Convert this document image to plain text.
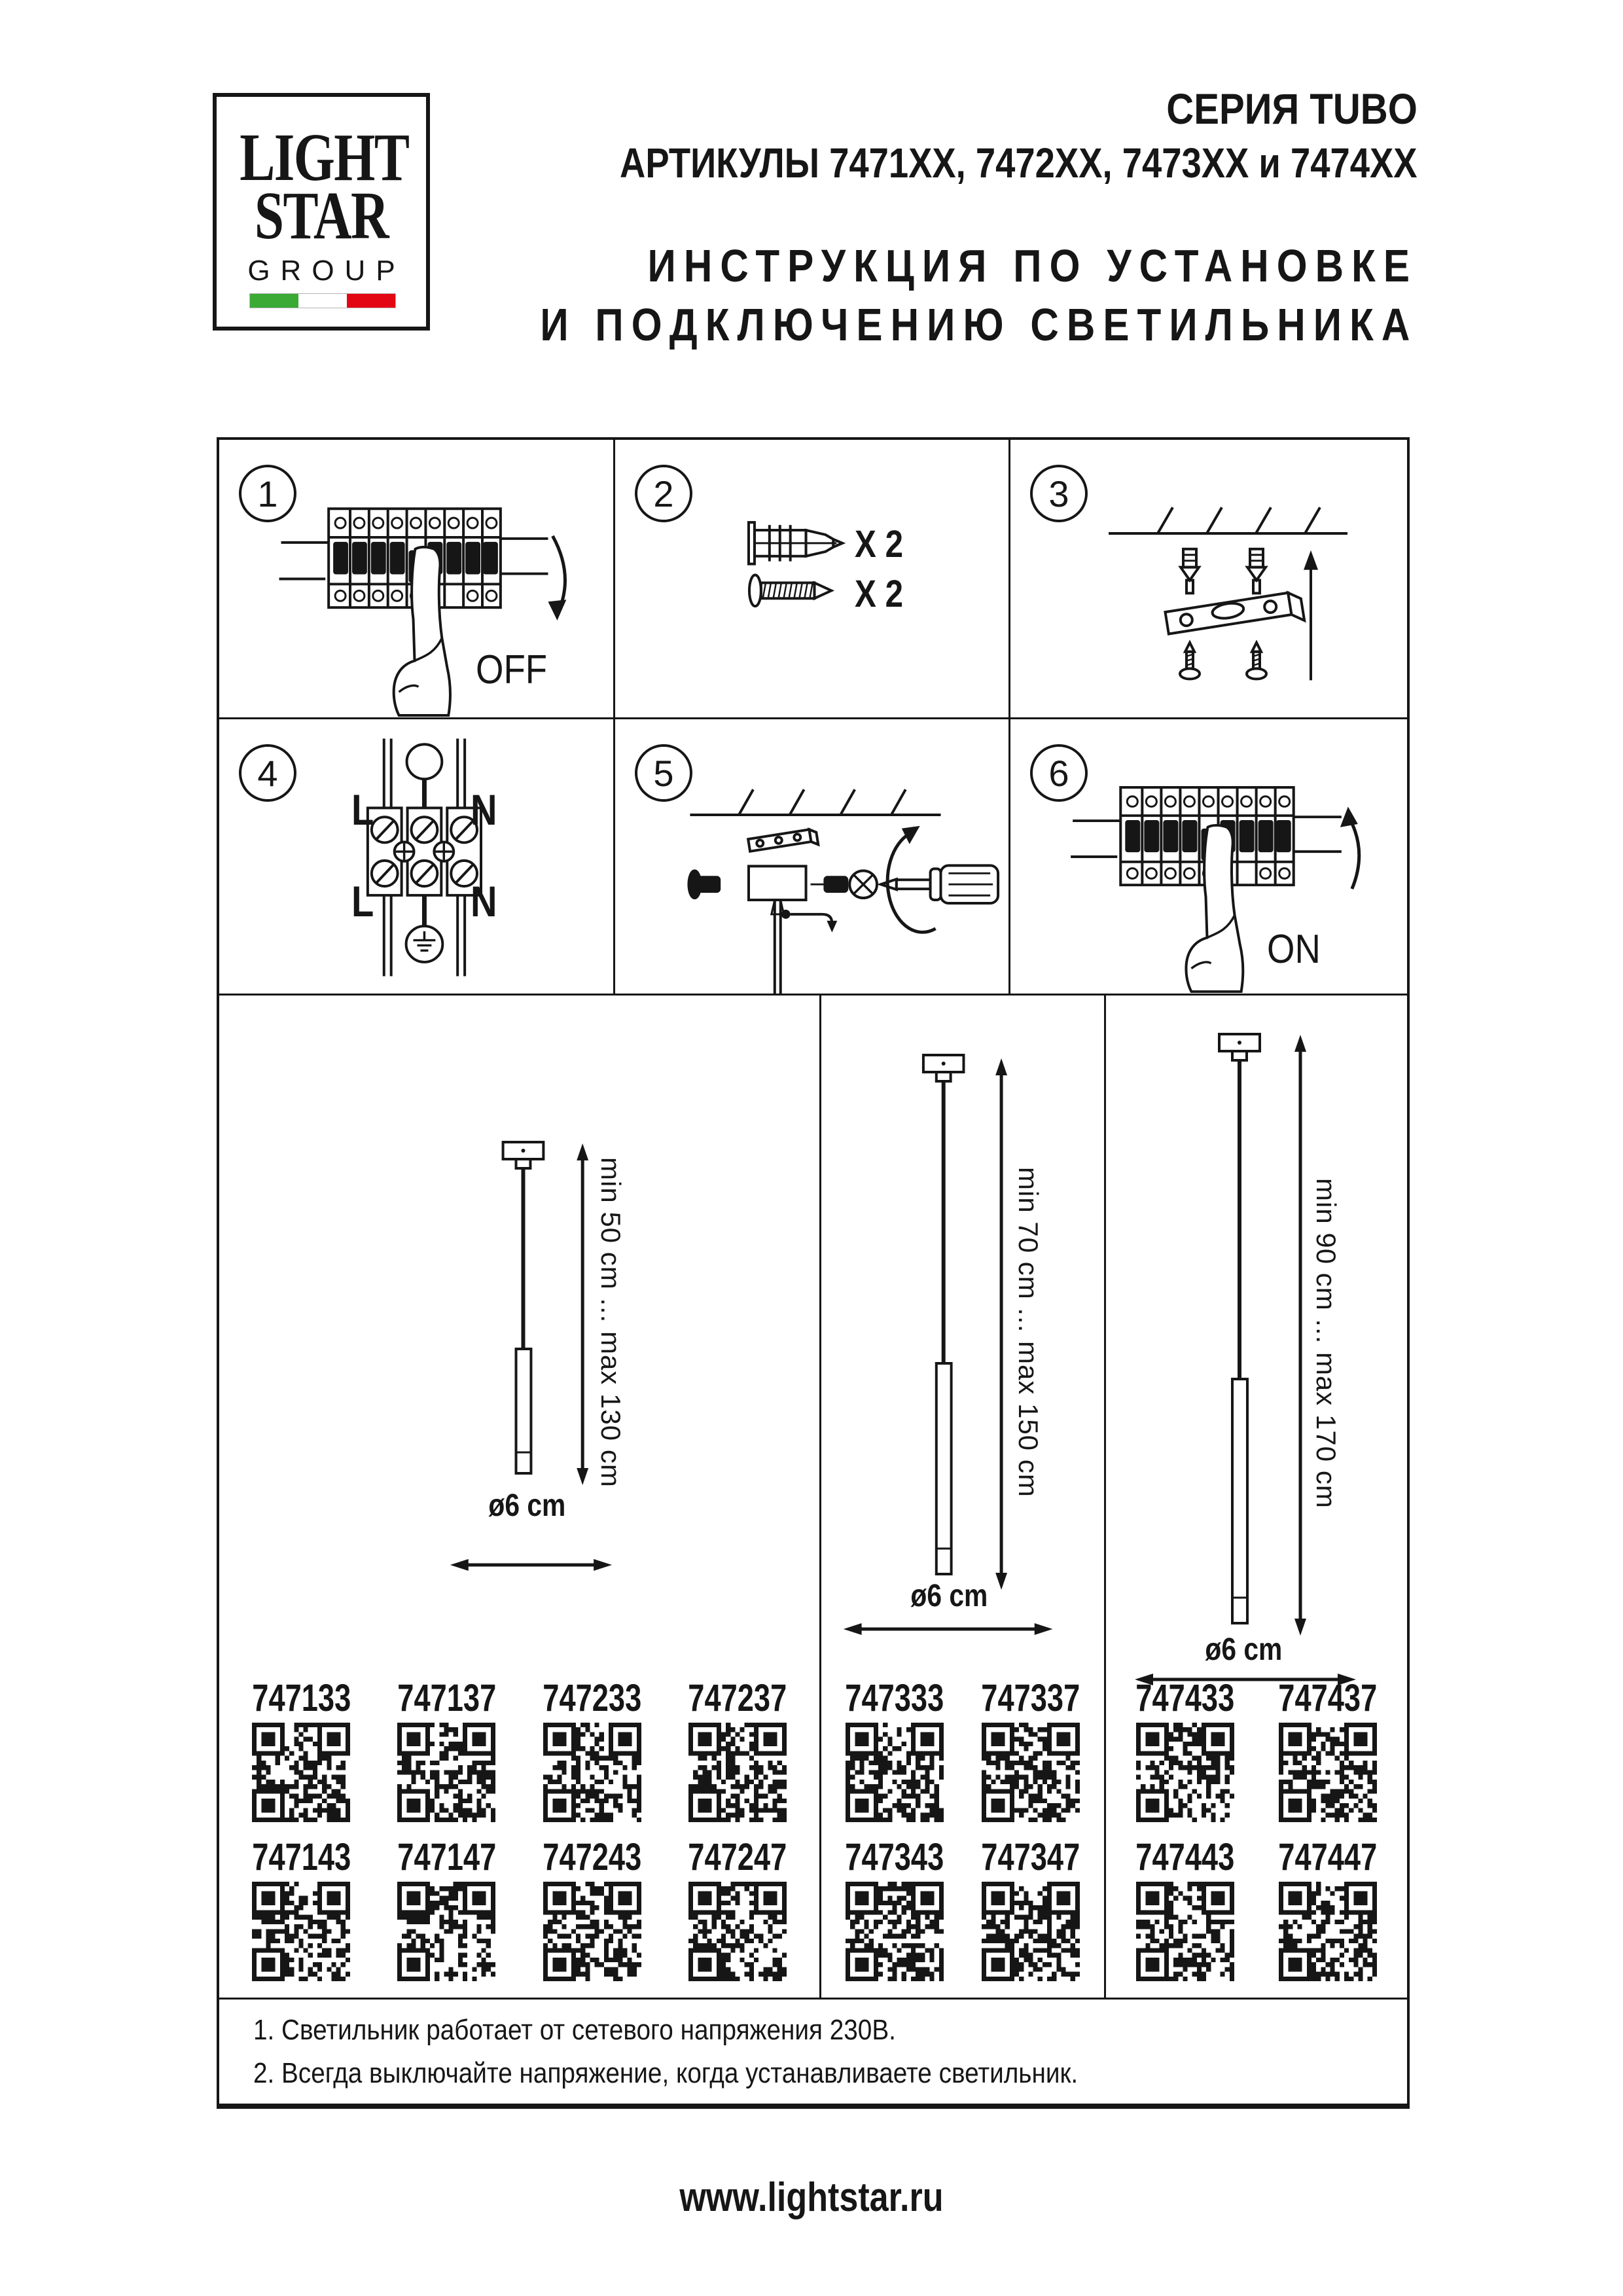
LIGHT
STAR
GROUP
СЕРИЯ TUBO
АРТИКУЛЫ 7471ХХ, 7472ХХ, 7473ХХ и 7474ХХ
ИНСТРУКЦИЯ ПО УСТАНОВКЕ
И ПОДКЛЮЧЕНИЮ СВЕТИЛЬНИКА
1
OFF
2
X 2
X 2
3
4
L N
L N
5	6
ON
min 50 cm ... max 130 cm
ø6 cm
747133 747137 747233 747237
747143 747147 747243 747247
min 70 cm ... max 150 cm
ø6 cm
747333 747337
747343 747347
min 90 cm ... max 170 cm
ø6 cm
747433 747437
747443 747447
1. Светильник работает от сетевого напряжения 230В.
2. Всегда выключайте напряжение, когда устанавливаете светильник.
www.lightstar.ru
